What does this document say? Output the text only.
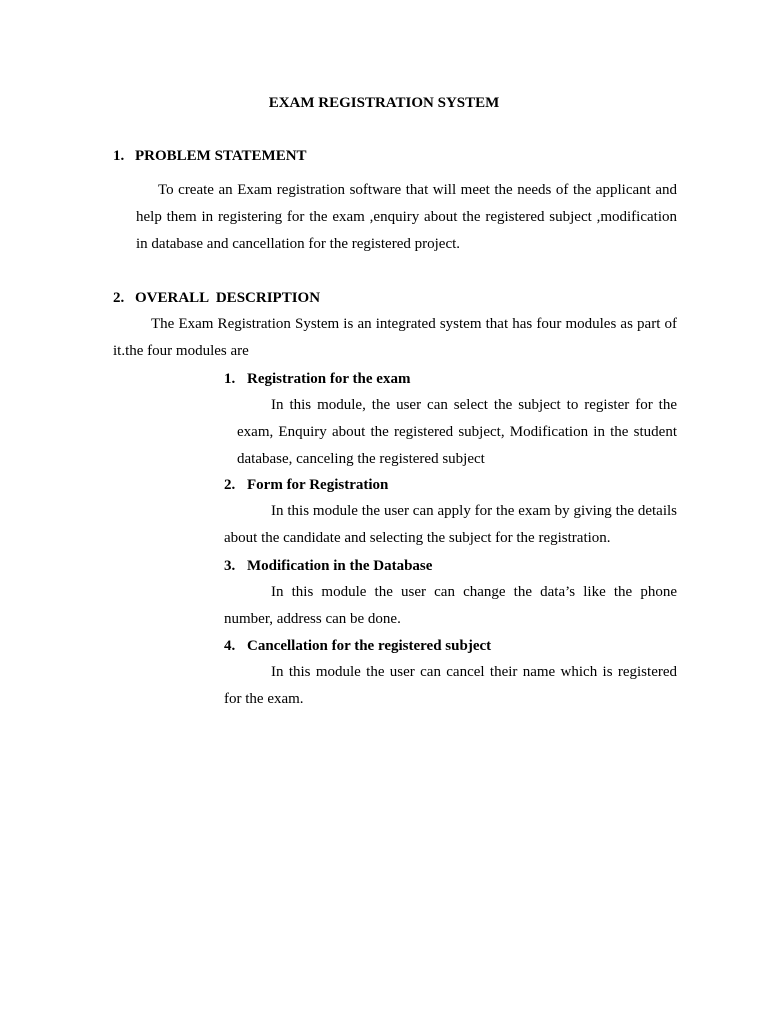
EXAM REGISTRATION SYSTEM
1. PROBLEM STATEMENT
To create an Exam registration software that will meet the needs of the applicant and help them in registering for the exam ,enquiry about the registered subject ,modification in database and cancellation for the registered project.
2. OVERALL  DESCRIPTION
The Exam Registration System is an integrated system that has four modules as part of it.the four modules are
1. Registration for the exam
In this module, the user can select the subject to register for the exam, Enquiry about the registered subject, Modification in the student database, canceling the registered subject
2. Form for Registration
In this module the user can apply for the exam by giving the details about the candidate and selecting the subject for the registration.
3. Modification in the Database
In this module the user can change the data’s like the phone number, address can be done.
4. Cancellation for the registered subject
In this module the user can cancel their name which is registered for the exam.
